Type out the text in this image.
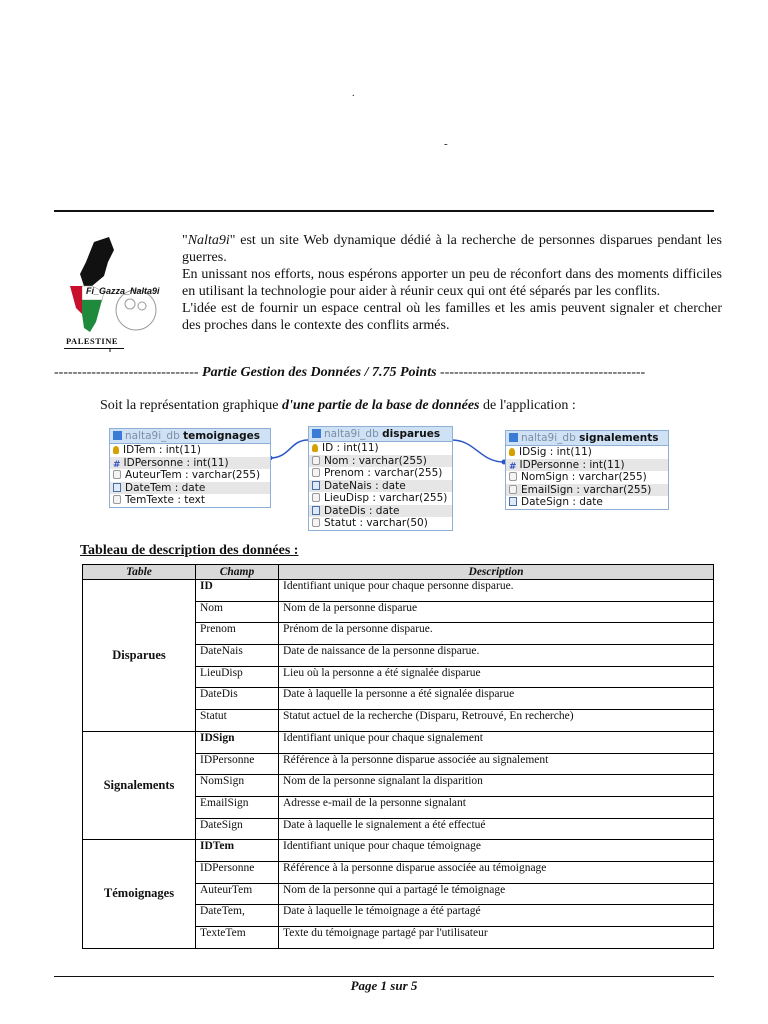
.
-
Fi_Gazza_Nalta9i
PALESTINE

"Nalta9i" est un site Web dynamique dédié à la recherche de personnes disparues pendant les guerres.

En unissant nos efforts, nous espérons apporter un peu de réconfort dans des moments difficiles en utilisant la technologie pour aider à réunir ceux qui ont été séparés par les conflits.

L'idée est de fournir un espace central où les familles et les amis peuvent signaler et chercher des proches dans le contexte des conflits armés.

------------------------------- Partie Gestion des Données / 7.75 Points --------------------------------------------
Soit la représentation graphique d'une partie de la base de données de l'application :
nalta9i_db temoignages
IDTem : int(11)
# IDPersonne : int(11)
AuteurTem : varchar(255)
DateTem : date
TemTexte : text
nalta9i_db disparues
ID : int(11)
Nom : varchar(255)
Prenom : varchar(255)
DateNais : date
LieuDisp : varchar(255)
DateDis : date
Statut : varchar(50)
nalta9i_db signalements
IDSig : int(11)
# IDPersonne : int(11)
NomSign : varchar(255)
EmailSign : varchar(255)
DateSign : date
Tableau de description des données :
Table	Champ	Description
Disparues	ID	Identifiant unique pour chaque personne disparue.
	Nom	Nom de la personne disparue
	Prenom	Prénom de la personne disparue.
	DateNais	Date de naissance de la personne disparue.
	LieuDisp	Lieu où la personne a été signalée disparue
	DateDis	Date à laquelle la personne a été signalée disparue
	Statut	Statut actuel de la recherche (Disparu, Retrouvé, En recherche)
Signalements	IDSign	Identifiant unique pour chaque signalement
	IDPersonne	Référence à la personne disparue associée au signalement
	NomSign	Nom de la personne signalant la disparition
	EmailSign	Adresse e-mail de la personne signalant
	DateSign	Date à laquelle le signalement a été effectué
Témoignages	IDTem	Identifiant unique pour chaque témoignage
	IDPersonne	Référence à la personne disparue associée au témoignage
	AuteurTem	Nom de la personne qui a partagé le témoignage
	DateTem,	Date à laquelle le témoignage a été partagé
	TexteTem	Texte du témoignage partagé par l'utilisateur
Page 1 sur 5
